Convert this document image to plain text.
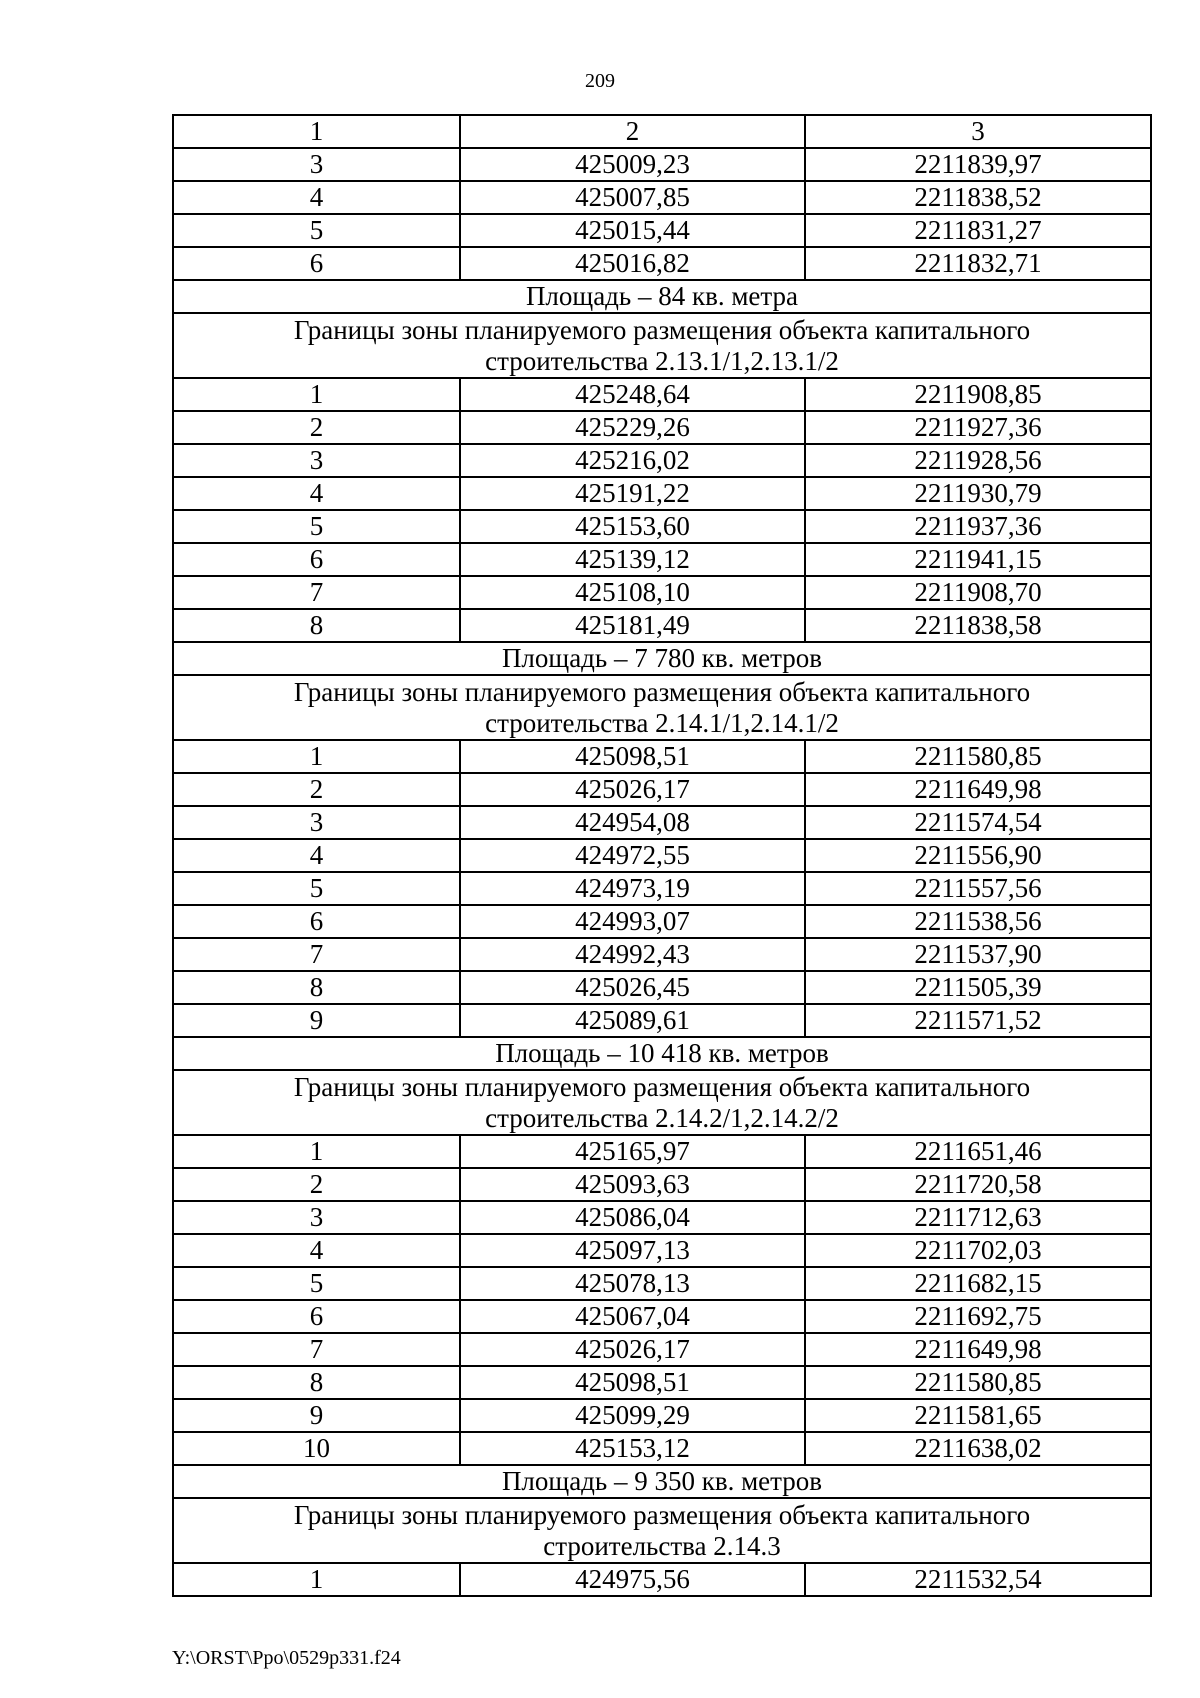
209
1	2	3
3	425009,23	2211839,97
4	425007,85	2211838,52
5	425015,44	2211831,27
6	425016,82	2211832,71
Площадь – 84 кв. метра		

Границы зоны планируемого размещения объекта капитального
строительства 2.13.1/1,2.13.1/2		

1	425248,64	2211908,85
2	425229,26	2211927,36
3	425216,02	2211928,56
4	425191,22	2211930,79
5	425153,60	2211937,36
6	425139,12	2211941,15
7	425108,10	2211908,70
8	425181,49	2211838,58
Площадь – 7 780 кв. метров		

Границы зоны планируемого размещения объекта капитального
строительства 2.14.1/1,2.14.1/2		

1	425098,51	2211580,85
2	425026,17	2211649,98
3	424954,08	2211574,54
4	424972,55	2211556,90
5	424973,19	2211557,56
6	424993,07	2211538,56
7	424992,43	2211537,90
8	425026,45	2211505,39
9	425089,61	2211571,52
Площадь – 10 418 кв. метров		

Границы зоны планируемого размещения объекта капитального
строительства 2.14.2/1,2.14.2/2		

1	425165,97	2211651,46
2	425093,63	2211720,58
3	425086,04	2211712,63
4	425097,13	2211702,03
5	425078,13	2211682,15
6	425067,04	2211692,75
7	425026,17	2211649,98
8	425098,51	2211580,85
9	425099,29	2211581,65
10	425153,12	2211638,02
Площадь – 9 350 кв. метров		

Границы зоны планируемого размещения объекта капитального
строительства 2.14.3		

1	424975,56	2211532,54
Y:\ORST\Ppo\0529p331.f24
